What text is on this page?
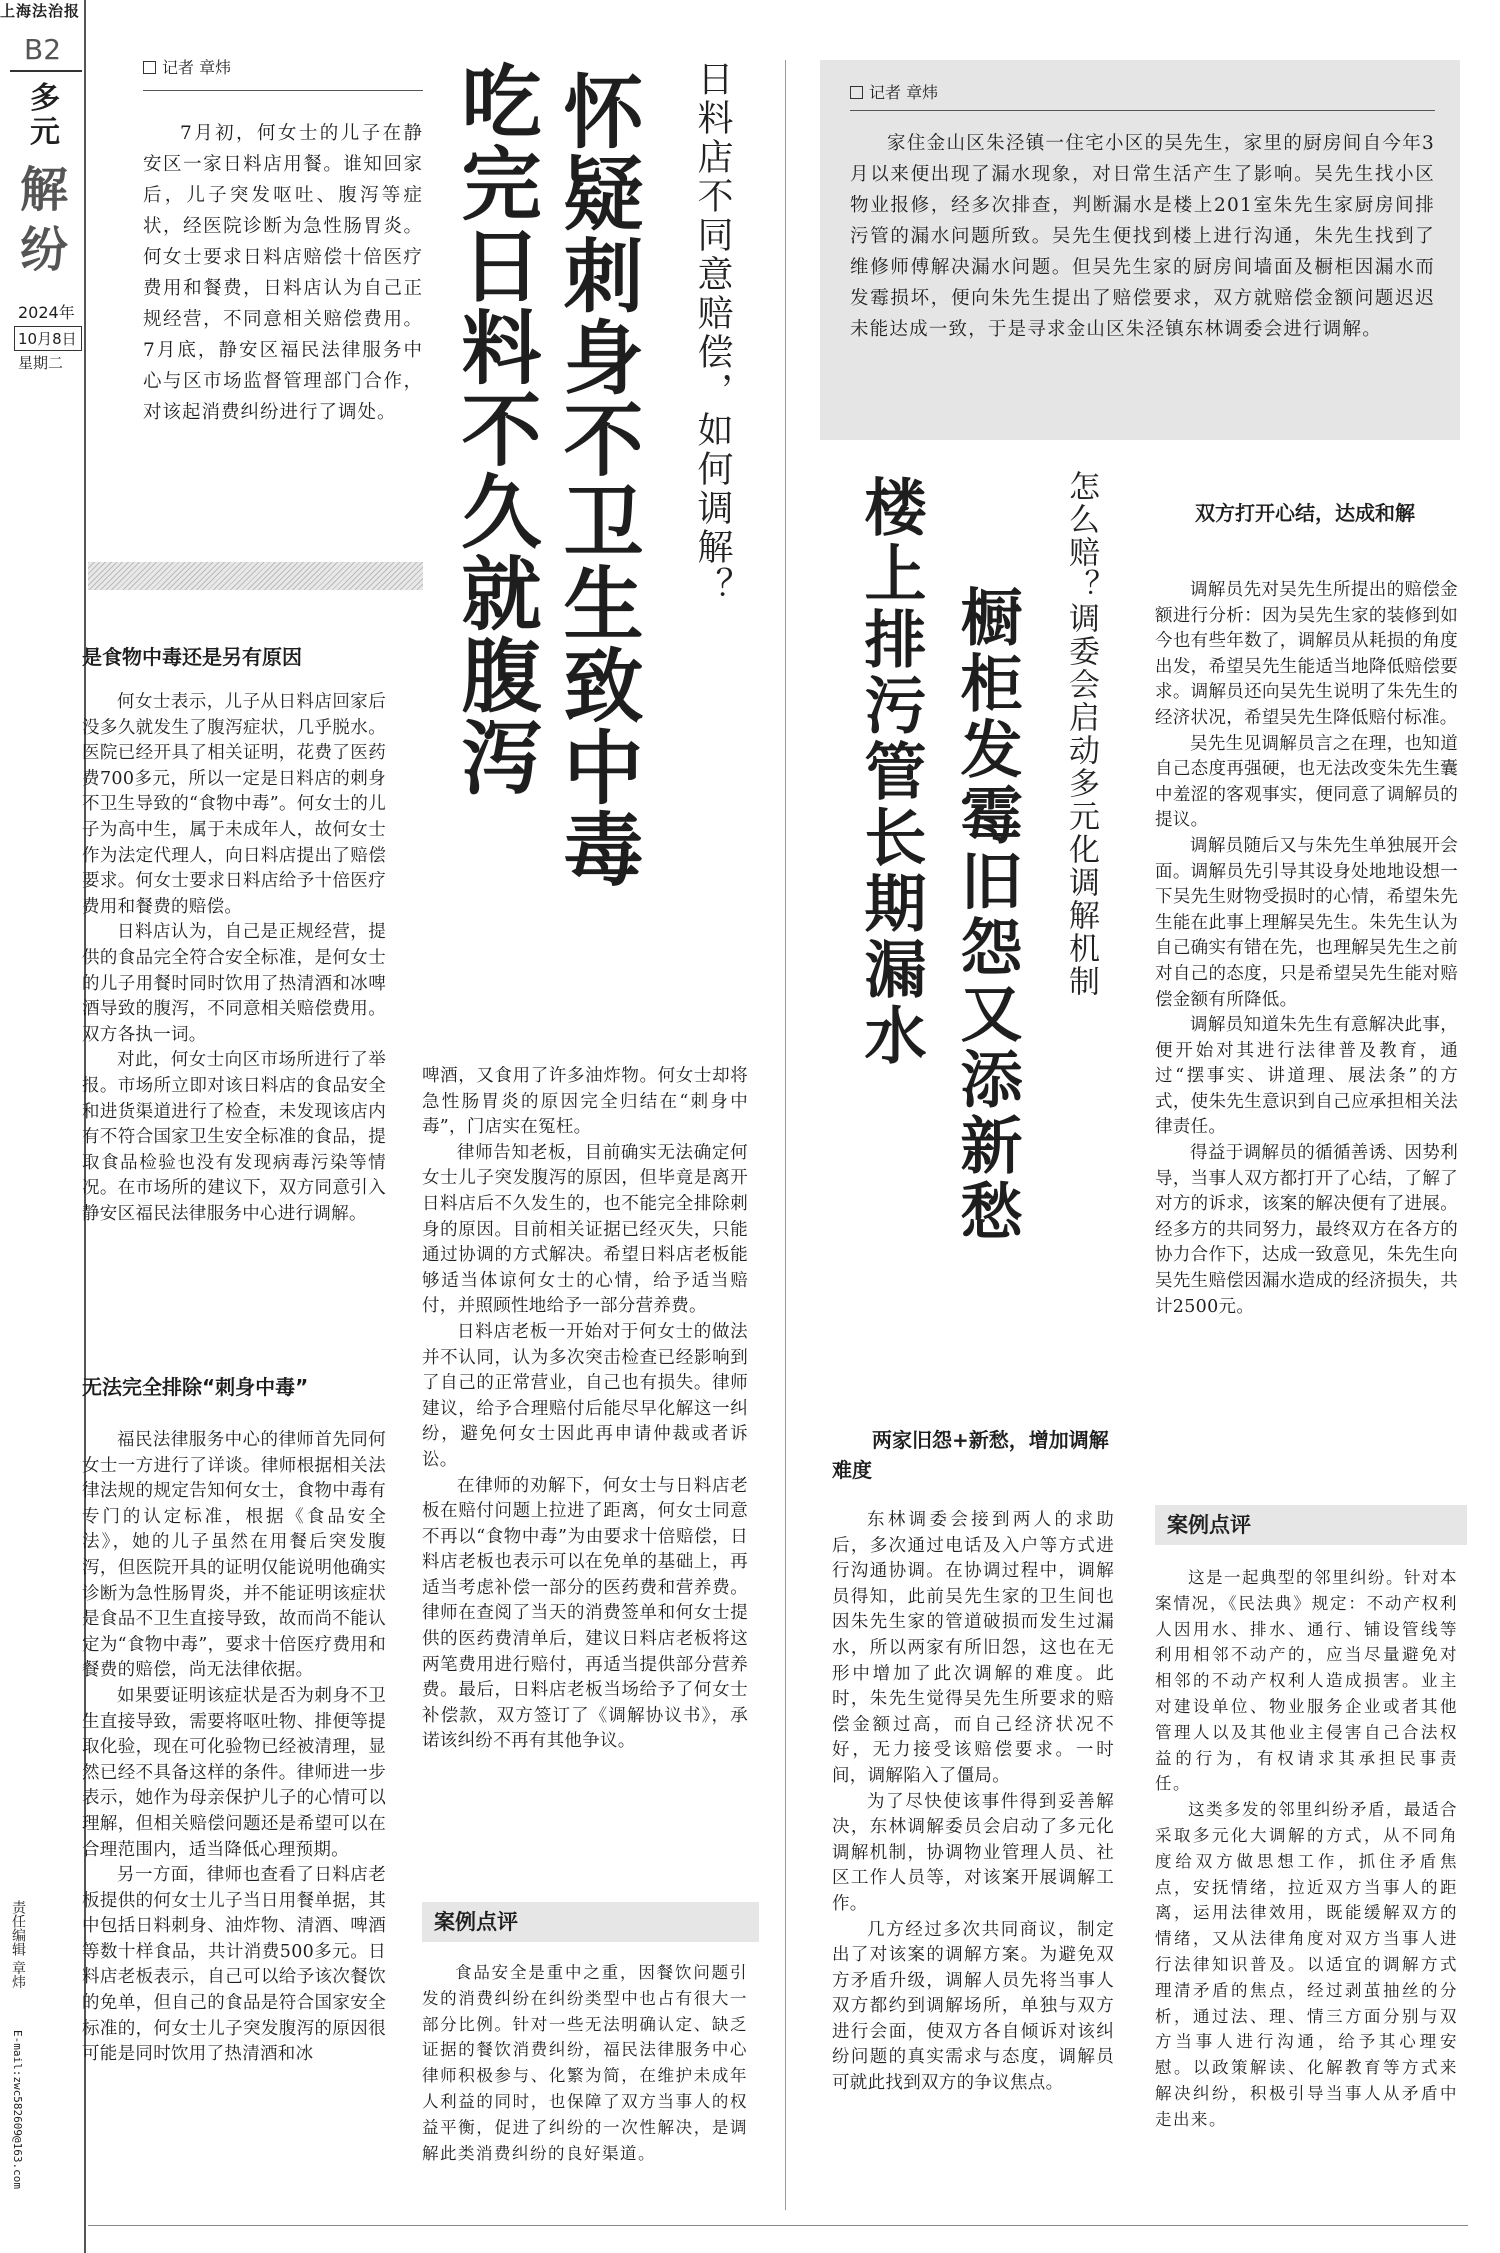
上海法治报
B2
多元
解纷
2024年
10月8日
星期二
责任编辑 章炜
E-mail:zwc582609@163.com
记者 章炜
7月初，何女士的儿子在静安区一家日料店用餐。谁知回家后，儿子突发呕吐、腹泻等症状，经医院诊断为急性肠胃炎。何女士要求日料店赔偿十倍医疗费用和餐费，日料店认为自己正规经营，不同意相关赔偿费用。7月底，静安区福民法律服务中心与区市场监督管理部门合作，对该起消费纠纷进行了调处。	怀疑刺身不卫生致中毒
吃完日料不久就腹泻	日料店不同意赔偿，如何调解？
是食物中毒还是另有原因

何女士表示，儿子从日料店回家后没多久就发生了腹泻症状，几乎脱水。医院已经开具了相关证明，花费了医药费700多元，所以一定是日料店的刺身不卫生导致的“食物中毒”。何女士的儿子为高中生，属于未成年人，故何女士作为法定代理人，向日料店提出了赔偿要求。何女士要求日料店给予十倍医疗费用和餐费的赔偿。

日料店认为，自己是正规经营，提供的食品完全符合安全标准，是何女士的儿子用餐时同时饮用了热清酒和冰啤酒导致的腹泻，不同意相关赔偿费用。双方各执一词。

对此，何女士向区市场所进行了举报。市场所立即对该日料店的食品安全和进货渠道进行了检查，未发现该店内有不符合国家卫生安全标准的食品，提取食品检验也没有发现病毒污染等情况。在市场所的建议下，双方同意引入静安区福民法律服务中心进行调解。

无法完全排除“刺身中毒”

福民法律服务中心的律师首先同何女士一方进行了详谈。律师根据相关法律法规的规定告知何女士，食物中毒有专门的认定标准，根据《食品安全法》，她的儿子虽然在用餐后突发腹泻，但医院开具的证明仅能说明他确实诊断为急性肠胃炎，并不能证明该症状是食品不卫生直接导致，故而尚不能认定为“食物中毒”，要求十倍医疗费用和餐费的赔偿，尚无法律依据。

如果要证明该症状是否为刺身不卫生直接导致，需要将呕吐物、排便等提取化验，现在可化验物已经被清理，显然已经不具备这样的条件。律师进一步表示，她作为母亲保护儿子的心情可以理解，但相关赔偿问题还是希望可以在合理范围内，适当降低心理预期。

另一方面，律师也查看了日料店老板提供的何女士儿子当日用餐单据，其中包括日料刺身、油炸物、清酒、啤酒等数十样食品，共计消费500多元。日料店老板表示，自己可以给予该次餐饮的免单，但自己的食品是符合国家安全标准的，何女士儿子突发腹泻的原因很可能是同时饮用了热清酒和冰

啤酒，又食用了许多油炸物。何女士却将急性肠胃炎的原因完全归结在“刺身中毒”，门店实在冤枉。

律师告知老板，目前确实无法确定何女士儿子突发腹泻的原因，但毕竟是离开日料店后不久发生的，也不能完全排除刺身的原因。目前相关证据已经灭失，只能通过协调的方式解决。希望日料店老板能够适当体谅何女士的心情，给予适当赔付，并照顾性地给予一部分营养费。

日料店老板一开始对于何女士的做法并不认同，认为多次突击检查已经影响到了自己的正常营业，自己也有损失。律师建议，给予合理赔付后能尽早化解这一纠纷，避免何女士因此再申请仲裁或者诉讼。

在律师的劝解下，何女士与日料店老板在赔付问题上拉进了距离，何女士同意不再以“食物中毒”为由要求十倍赔偿，日料店老板也表示可以在免单的基础上，再适当考虑补偿一部分的医药费和营养费。律师在查阅了当天的消费签单和何女士提供的医药费清单后，建议日料店老板将这两笔费用进行赔付，再适当提供部分营养费。最后，日料店老板当场给予了何女士补偿款，双方签订了《调解协议书》，承诺该纠纷不再有其他争议。

案例点评

食品安全是重中之重，因餐饮问题引发的消费纠纷在纠纷类型中也占有很大一部分比例。针对一些无法明确认定、缺乏证据的餐饮消费纠纷，福民法律服务中心律师积极参与、化繁为简，在维护未成年人利益的同时，也保障了双方当事人的权益平衡，促进了纠纷的一次性解决，是调解此类消费纠纷的良好渠道。

记者 章炜
家住金山区朱泾镇一住宅小区的吴先生，家里的厨房间自今年3月以来便出现了漏水现象，对日常生活产生了影响。吴先生找小区物业报修，经多次排查，判断漏水是楼上201室朱先生家厨房间排污管的漏水问题所致。吴先生便找到楼上进行沟通，朱先生找到了维修师傅解决漏水问题。但吴先生家的厨房间墙面及橱柜因漏水而发霉损坏，便向朱先生提出了赔偿要求，双方就赔偿金额问题迟迟未能达成一致，于是寻求金山区朱泾镇东林调委会进行调解。
楼上排污管长期漏水 橱柜发霉旧怨又添新愁 怎么赔？调委会启动多元化调解机制
两家旧怨+新愁，增加调解难度

东林调委会接到两人的求助后，多次通过电话及入户等方式进行沟通协调。在协调过程中，调解员得知，此前吴先生家的卫生间也因朱先生家的管道破损而发生过漏水，所以两家有所旧怨，这也在无形中增加了此次调解的难度。此时，朱先生觉得吴先生所要求的赔偿金额过高，而自己经济状况不好，无力接受该赔偿要求。一时间，调解陷入了僵局。

为了尽快使该事件得到妥善解决，东林调解委员会启动了多元化调解机制，协调物业管理人员、社区工作人员等，对该案开展调解工作。

几方经过多次共同商议，制定出了对该案的调解方案。为避免双方矛盾升级，调解人员先将当事人双方都约到调解场所，单独与双方进行会面，使双方各自倾诉对该纠纷问题的真实需求与态度，调解员可就此找到双方的争议焦点。

双方打开心结，达成和解

调解员先对吴先生所提出的赔偿金额进行分析：因为吴先生家的装修到如今也有些年数了，调解员从耗损的角度出发，希望吴先生能适当地降低赔偿要求。调解员还向吴先生说明了朱先生的经济状况，希望吴先生降低赔付标准。

吴先生见调解员言之在理，也知道自己态度再强硬，也无法改变朱先生囊中羞涩的客观事实，便同意了调解员的提议。

调解员随后又与朱先生单独展开会面。调解员先引导其设身处地地设想一下吴先生财物受损时的心情，希望朱先生能在此事上理解吴先生。朱先生认为自己确实有错在先，也理解吴先生之前对自己的态度，只是希望吴先生能对赔偿金额有所降低。

调解员知道朱先生有意解决此事，便开始对其进行法律普及教育，通过“摆事实、讲道理、展法条”的方式，使朱先生意识到自己应承担相关法律责任。

得益于调解员的循循善诱、因势利导，当事人双方都打开了心结，了解了对方的诉求，该案的解决便有了进展。经多方的共同努力，最终双方在各方的协力合作下，达成一致意见，朱先生向吴先生赔偿因漏水造成的经济损失，共计2500元。

案例点评

这是一起典型的邻里纠纷。针对本案情况，《民法典》规定：不动产权利人因用水、排水、通行、铺设管线等利用相邻不动产的，应当尽量避免对相邻的不动产权利人造成损害。业主对建设单位、物业服务企业或者其他管理人以及其他业主侵害自己合法权益的行为，有权请求其承担民事责任。

这类多发的邻里纠纷矛盾，最适合采取多元化大调解的方式，从不同角度给双方做思想工作，抓住矛盾焦点，安抚情绪，拉近双方当事人的距离，运用法律效用，既能缓解双方的情绪，又从法律角度对双方当事人进行法律知识普及。以适宜的调解方式理清矛盾的焦点，经过剥茧抽丝的分析，通过法、理、情三方面分别与双方当事人进行沟通，给予其心理安慰。以政策解读、化解教育等方式来解决纠纷，积极引导当事人从矛盾中走出来。
